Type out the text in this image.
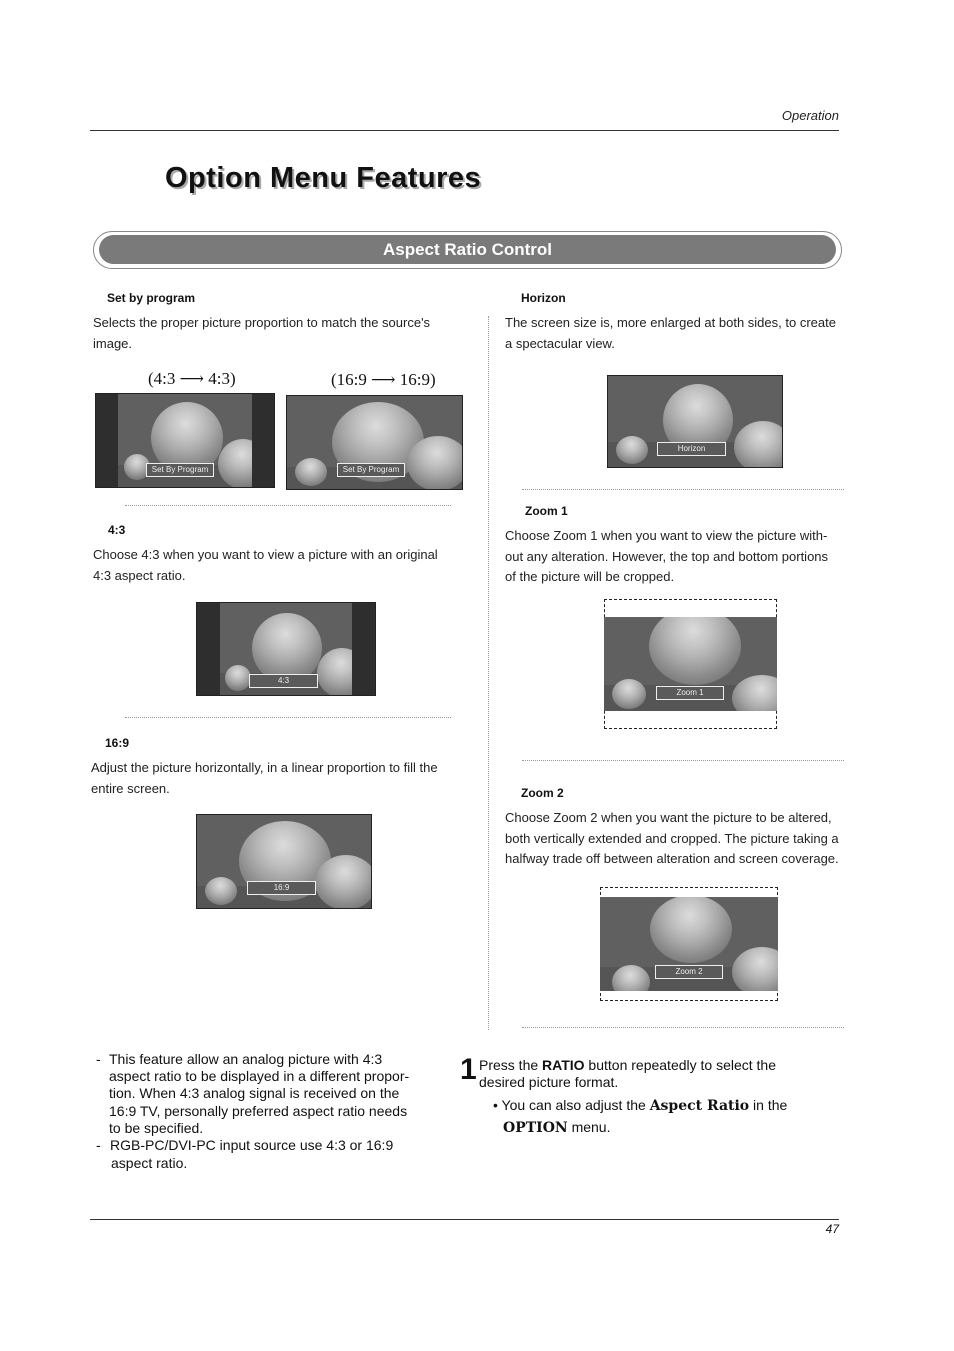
Operation
Option Menu Features
Aspect Ratio Control
Set by program
Selects the proper picture proportion to match the source's
image.
(4:3 ⟶ 4:3)	(16:9 ⟶ 16:9)
Set By Program	Set By Program
4:3
Choose 4:3 when you want to view a picture with an original
4:3 aspect ratio.
4:3
16:9
Adjust the picture horizontally, in a linear proportion to fill the
entire screen.
16:9
Horizon
The screen size is, more enlarged at both sides, to create
a spectacular view.
Horizon
Zoom 1
Choose Zoom 1 when you want to view the picture with-
out any alteration. However, the top and bottom portions
of the picture will be cropped.
Zoom 1
Zoom 2
Choose Zoom 2 when you want the picture to be altered,
both vertically extended and cropped. The picture taking a
halfway trade off between alteration and screen coverage.
Zoom 2
- This feature allow an analog picture with 4:3
aspect ratio to be displayed in a different propor-
tion. When 4:3 analog signal is received on the
16:9 TV, personally preferred aspect ratio needs
to be specified.
- RGB-PC/DVI-PC input source use 4:3 or 16:9
aspect ratio.
1 Press the RATIO button repeatedly to select the
desired picture format.
• You can also adjust the Aspect Ratio in the
OPTION menu.
47
